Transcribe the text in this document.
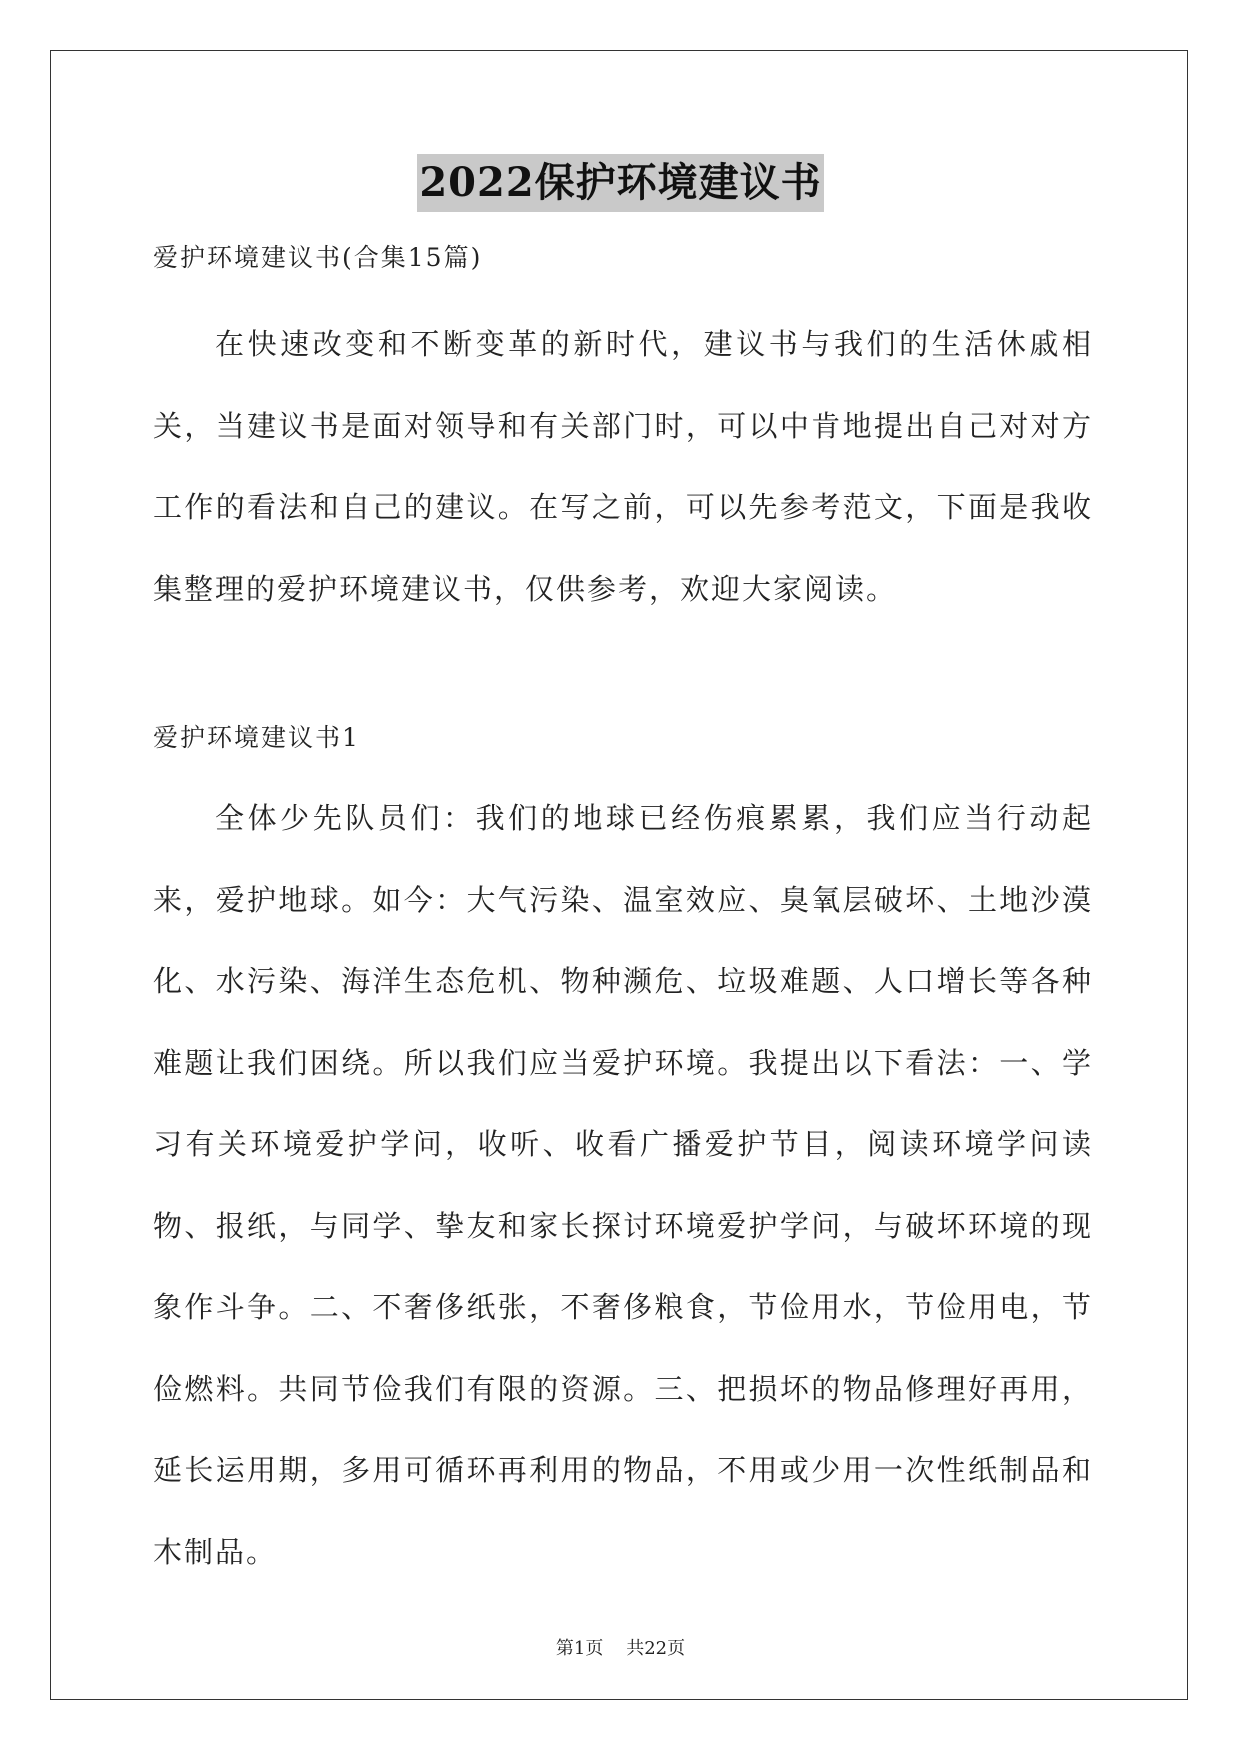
2022保护环境建议书

爱护环境建议书(合集15篇)

在快速改变和不断变革的新时代，建议书与我们的生活休戚相关，当建议书是面对领导和有关部门时，可以中肯地提出自己对对方工作的看法和自己的建议。在写之前，可以先参考范文，下面是我收集整理的爱护环境建议书，仅供参考，欢迎大家阅读。

爱护环境建议书1

全体少先队员们：我们的地球已经伤痕累累，我们应当行动起来，爱护地球。如今：大气污染、温室效应、臭氧层破坏、土地沙漠化、水污染、海洋生态危机、物种濒危、垃圾难题、人口增长等各种难题让我们困绕。所以我们应当爱护环境。我提出以下看法：一、学习有关环境爱护学问，收听、收看广播爱护节目，阅读环境学问读物、报纸，与同学、挚友和家长探讨环境爱护学问，与破坏环境的现象作斗争。二、不奢侈纸张，不奢侈粮食，节俭用水，节俭用电，节俭燃料。共同节俭我们有限的资源。三、把损坏的物品修理好再用，延长运用期，多用可循环再利用的物品，不用或少用一次性纸制品和木制品。

第1页    共22页
